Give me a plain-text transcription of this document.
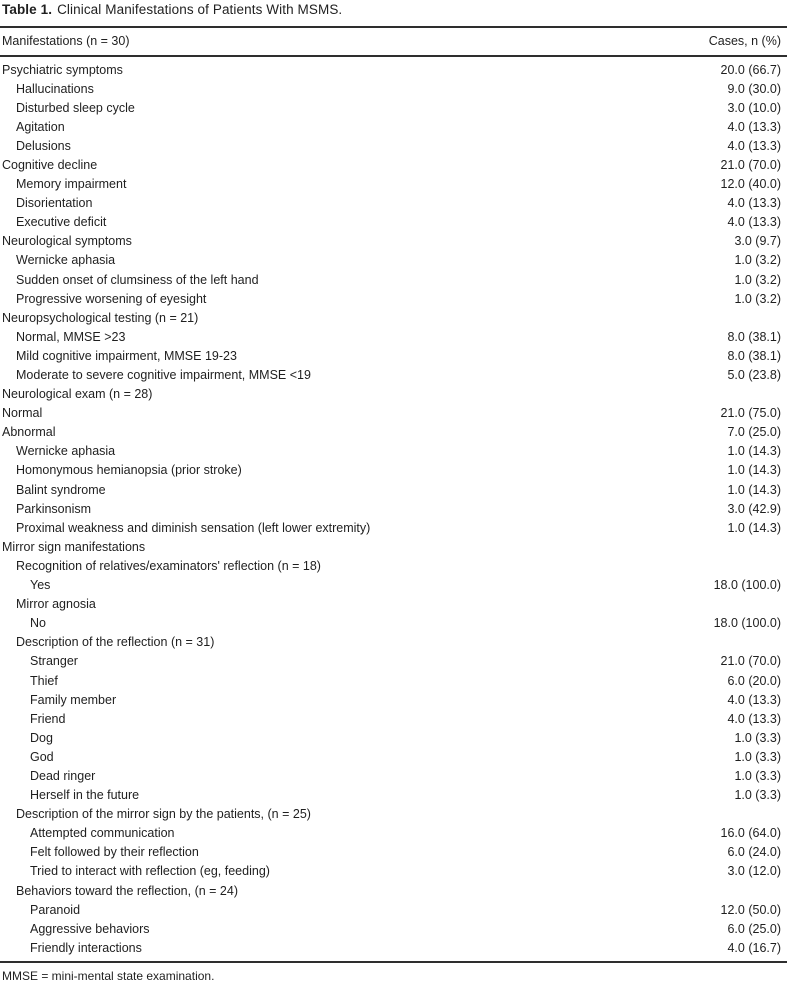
Table 1. Clinical Manifestations of Patients With MSMS.
Manifestations (n = 30)	Cases, n (%)
Psychiatric symptoms	20.0 (66.7)
Hallucinations	9.0 (30.0)
Disturbed sleep cycle	3.0 (10.0)
Agitation	4.0 (13.3)
Delusions	4.0 (13.3)
Cognitive decline	21.0 (70.0)
Memory impairment	12.0 (40.0)
Disorientation	4.0 (13.3)
Executive deficit	4.0 (13.3)
Neurological symptoms	3.0 (9.7)
Wernicke aphasia	1.0 (3.2)
Sudden onset of clumsiness of the left hand	1.0 (3.2)
Progressive worsening of eyesight	1.0 (3.2)
Neuropsychological testing (n = 21)
Normal, MMSE >23	8.0 (38.1)
Mild cognitive impairment, MMSE 19-23	8.0 (38.1)
Moderate to severe cognitive impairment, MMSE <19	5.0 (23.8)
Neurological exam (n = 28)
Normal	21.0 (75.0)
Abnormal	7.0 (25.0)
Wernicke aphasia	1.0 (14.3)
Homonymous hemianopsia (prior stroke)	1.0 (14.3)
Balint syndrome	1.0 (14.3)
Parkinsonism	3.0 (42.9)
Proximal weakness and diminish sensation (left lower extremity)	1.0 (14.3)
Mirror sign manifestations
Recognition of relatives/examinators' reflection (n = 18)
Yes	18.0 (100.0)
Mirror agnosia
No	18.0 (100.0)
Description of the reflection (n = 31)
Stranger	21.0 (70.0)
Thief	6.0 (20.0)
Family member	4.0 (13.3)
Friend	4.0 (13.3)
Dog	1.0 (3.3)
God	1.0 (3.3)
Dead ringer	1.0 (3.3)
Herself in the future	1.0 (3.3)
Description of the mirror sign by the patients, (n = 25)
Attempted communication	16.0 (64.0)
Felt followed by their reflection	6.0 (24.0)
Tried to interact with reflection (eg, feeding)	3.0 (12.0)
Behaviors toward the reflection, (n = 24)
Paranoid	12.0 (50.0)
Aggressive behaviors	6.0 (25.0)
Friendly interactions	4.0 (16.7)
MMSE = mini-mental state examination.
